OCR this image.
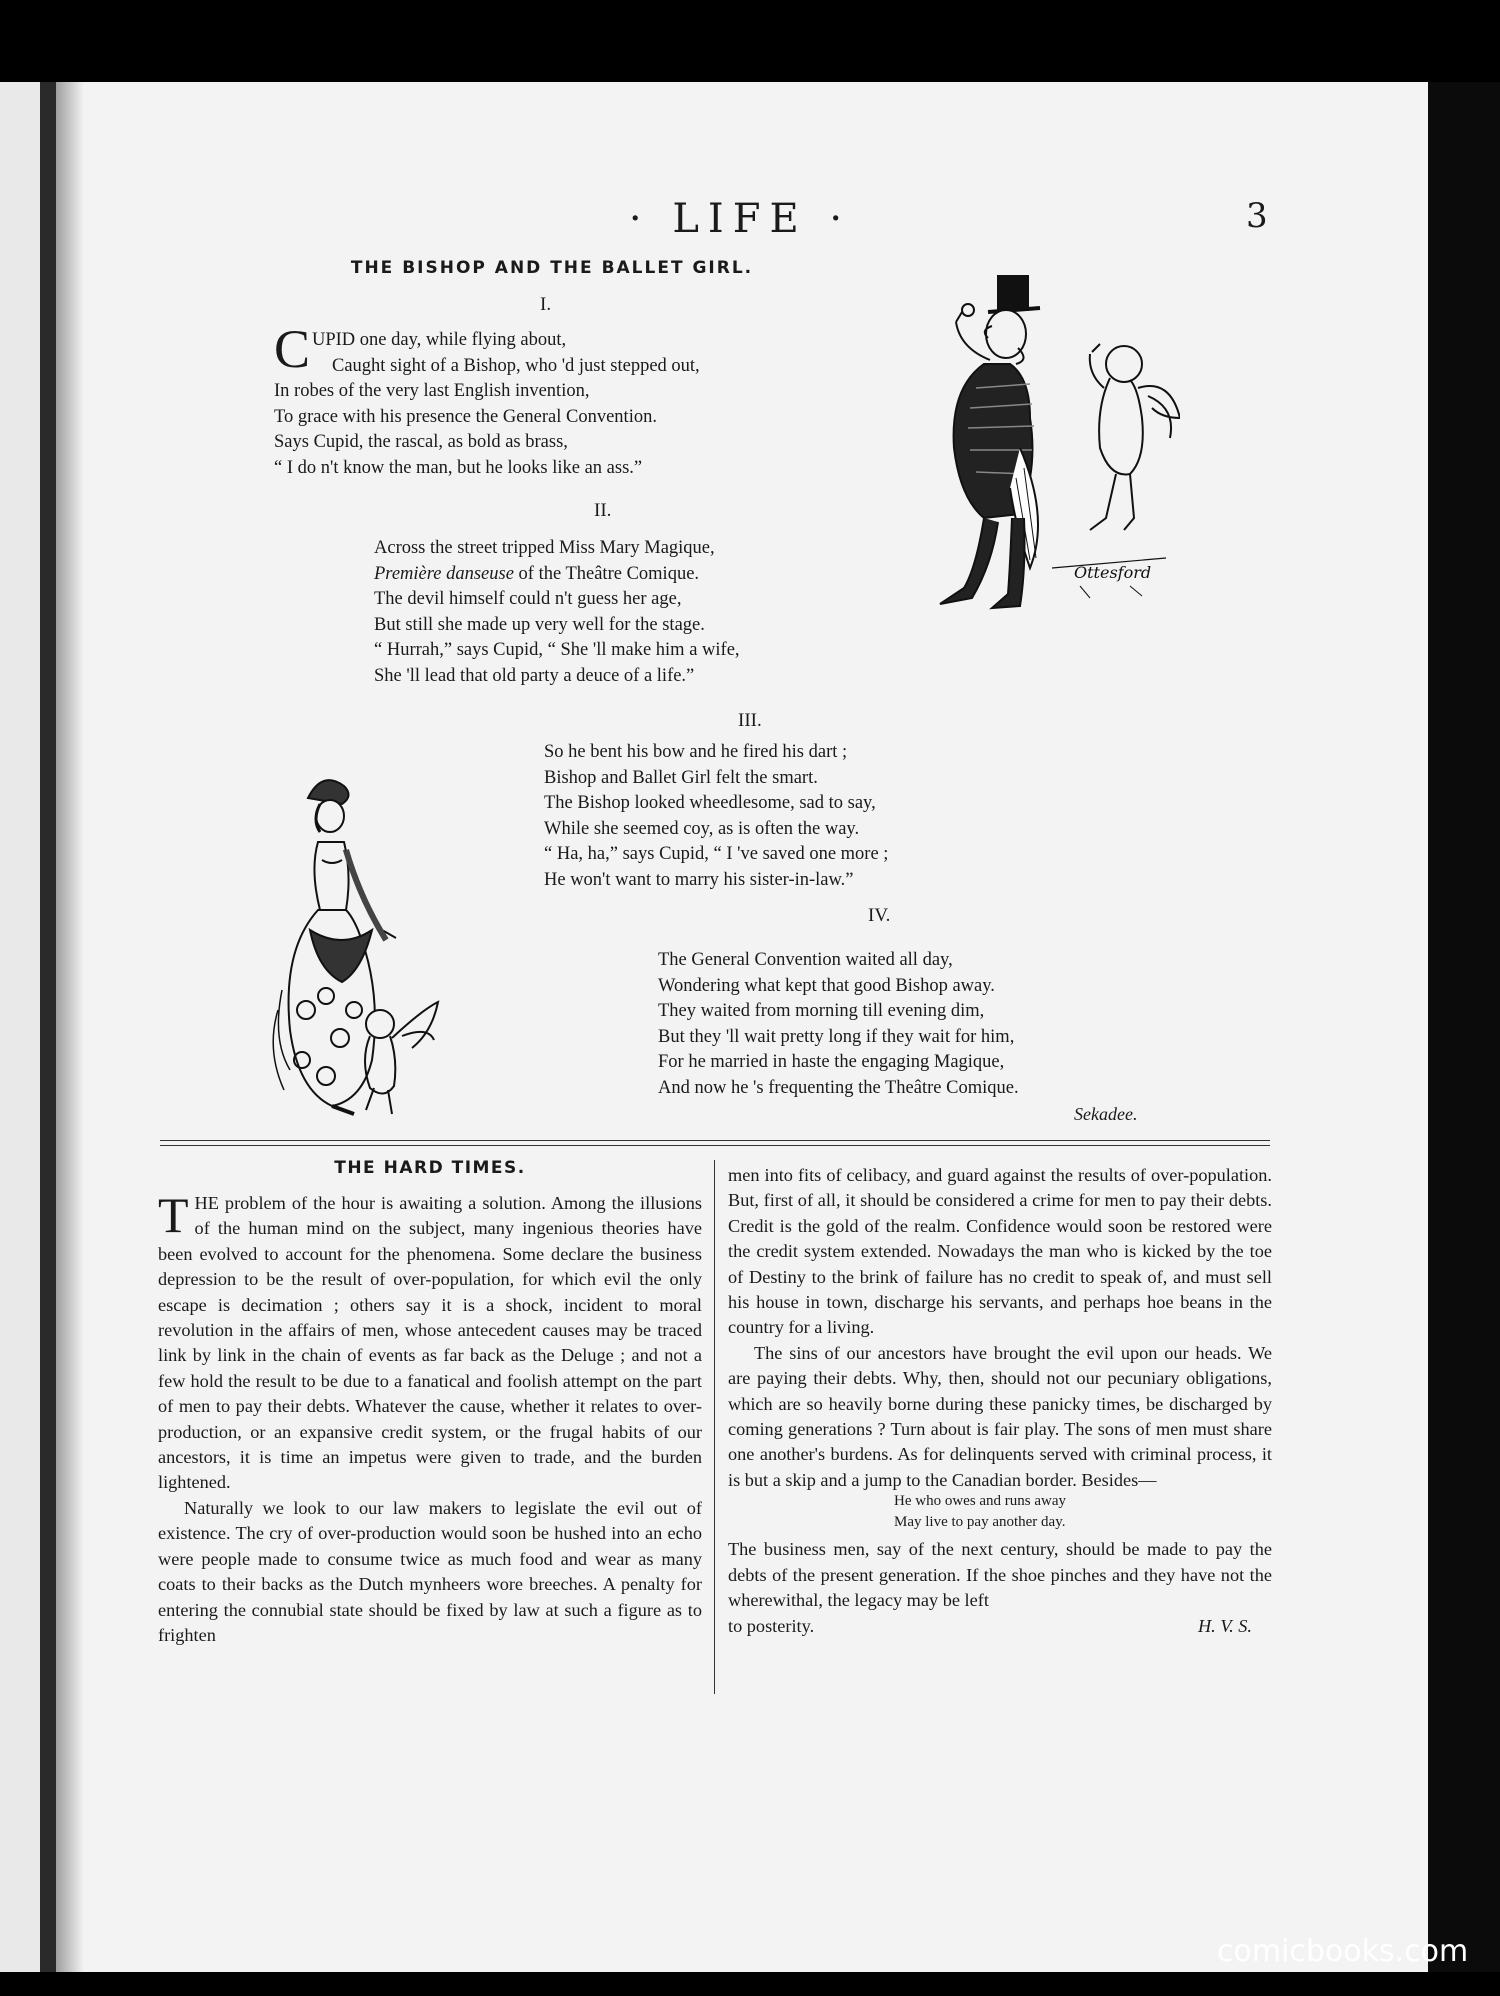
· LIFE ·	3
THE BISHOP AND THE BALLET GIRL.
I.
C UPID one day, while flying about,
Caught sight of a Bishop, who 'd just stepped out,
In robes of the very last English invention,
To grace with his presence the General Convention.
Says Cupid, the rascal, as bold as brass,
“ I do n't know the man, but he looks like an ass.”
II.
Across the street tripped Miss Mary Magique,
Première danseuse of the Theâtre Comique.
The devil himself could n't guess her age,
But still she made up very well for the stage.
“ Hurrah,” says Cupid, “ She 'll make him a wife,
She 'll lead that old party a deuce of a life.”
III.
So he bent his bow and he fired his dart ;
Bishop and Ballet Girl felt the smart.
The Bishop looked wheedlesome, sad to say,
While she seemed coy, as is often the way.
“ Ha, ha,” says Cupid, “ I 've saved one more ;
He won't want to marry his sister-in-law.”
IV.
The General Convention waited all day,
Wondering what kept that good Bishop away.
They waited from morning till evening dim,
But they 'll wait pretty long if they wait for him,
For he married in haste the engaging Magique,
And now he 's frequenting the Theâtre Comique.
Sekadee.
Ottesford
THE HARD TIMES.

THE problem of the hour is awaiting a solution. Among the illusions of the human mind on the subject, many ingenious theories have been evolved to account for the phenomena. Some declare the business depression to be the result of over-population, for which evil the only escape is decimation ; others say it is a shock, incident to moral revolution in the affairs of men, whose antecedent causes may be traced link by link in the chain of events as far back as the Deluge ; and not a few hold the result to be due to a fanatical and foolish attempt on the part of men to pay their debts. Whatever the cause, whether it relates to over-production, or an expansive credit system, or the frugal habits of our ancestors, it is time an impetus were given to trade, and the burden lightened.

Naturally we look to our law makers to legislate the evil out of existence. The cry of over-production would soon be hushed into an echo were people made to consume twice as much food and wear as many coats to their backs as the Dutch mynheers wore breeches. A penalty for entering the connubial state should be fixed by law at such a figure as to frighten

men into fits of celibacy, and guard against the results of over-population. But, first of all, it should be considered a crime for men to pay their debts. Credit is the gold of the realm. Confidence would soon be restored were the credit system extended. Nowadays the man who is kicked by the toe of Destiny to the brink of failure has no credit to speak of, and must sell his house in town, discharge his servants, and perhaps hoe beans in the country for a living.

The sins of our ancestors have brought the evil upon our heads. We are paying their debts. Why, then, should not our pecuniary obligations, which are so heavily borne during these panicky times, be discharged by coming generations ? Turn about is fair play. The sons of men must share one another's burdens. As for delinquents served with criminal process, it is but a skip and a jump to the Canadian border. Besides—

He who owes and runs away
May live to pay another day.

The business men, say of the next century, should be made to pay the debts of the present generation. If the shoe pinches and they have not the wherewithal, the legacy may be left

to posterity.	H. V. S.
comicbooks.com
